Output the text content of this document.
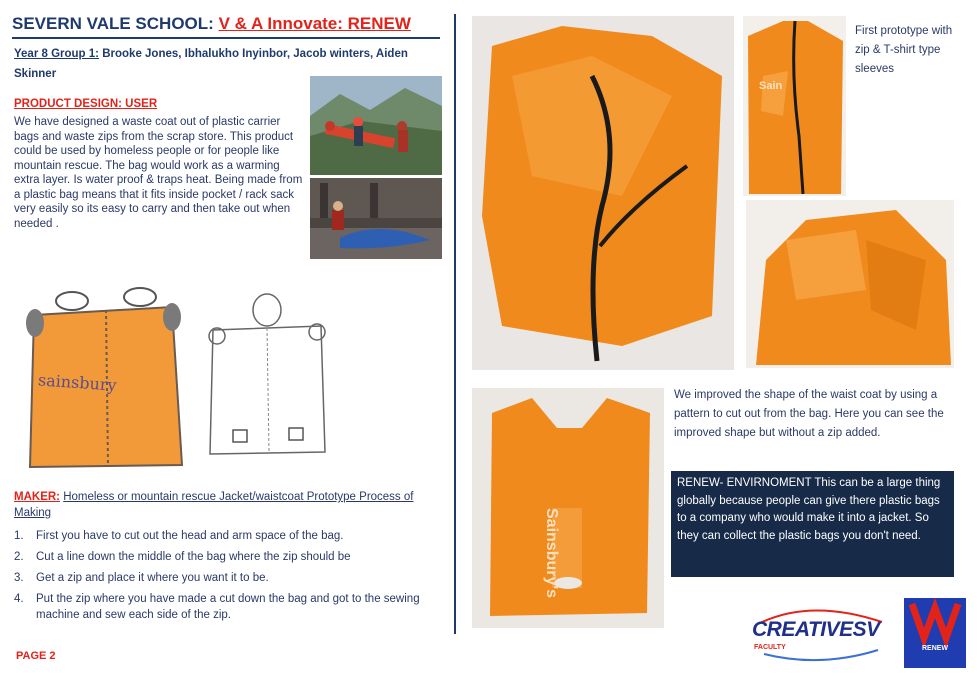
SEVERN VALE SCHOOL: V & A Innovate: RENEW
Year 8 Group 1: Brooke Jones, Ibhalukho Inyinbor, Jacob winters, Aiden Skinner
PRODUCT DESIGN: USER
We have designed a waste coat out of plastic carrier bags and waste zips from the scrap store. This product could be used by homeless people or for people like mountain rescue. The bag would work as a warming extra layer. Is water proof & traps heat. Being made from a plastic bag means that it fits inside pocket / rack sack very easily so its easy to carry and then take out when needed .
sainsbury
MAKER: Homeless or mountain rescue Jacket/waistcoat Prototype Process of Making
1. First you have to cut out the head and arm space of the bag.
2. Cut a line down the middle of the bag where the zip should be
3. Get a zip and place it where you want it to be.
4. Put the zip where you have made a cut down the bag and got to the sewing machine and sew each side of the zip.
PAGE 2
Sain
First prototype with zip & T-shirt type sleeves
Sainsbury's
We improved the shape of the waist coat by using a pattern to cut out from the bag. Here you can see the improved shape but without a zip added.
RENEW- ENVIRNOMENT This can be a large thing globally because people can give there plastic bags to a company who would make it into a jacket. So they can collect the plastic bags you don't need.
CREATIVESV
FACULTY	RENEW
